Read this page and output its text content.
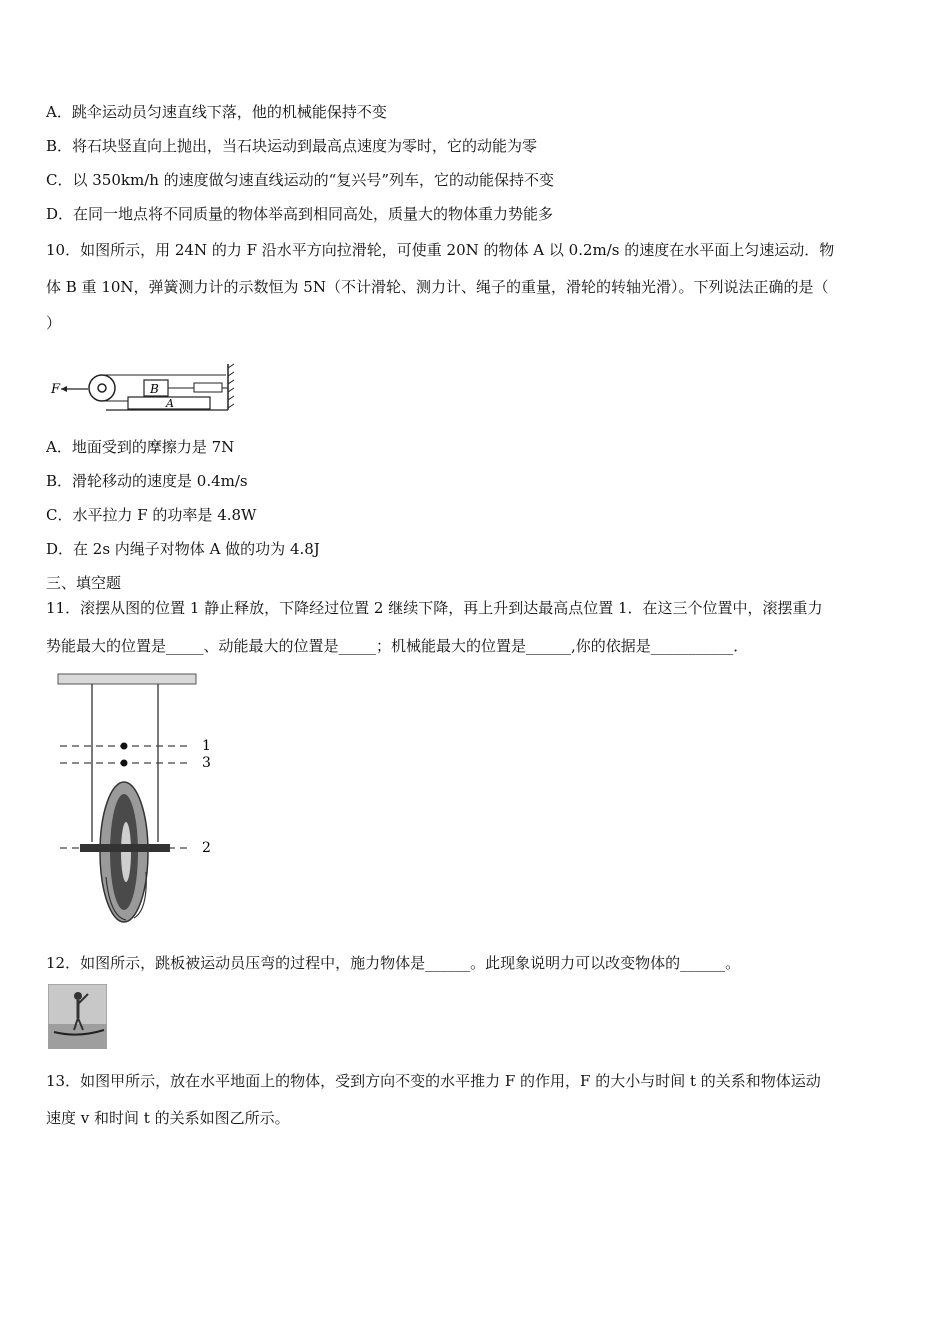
A．跳伞运动员匀速直线下落，他的机械能保持不变
B．将石块竖直向上抛出，当石块运动到最高点速度为零时，它的动能为零
C．以 350km/h 的速度做匀速直线运动的“复兴号”列车，它的动能保持不变
D．在同一地点将不同质量的物体举高到相同高处，质量大的物体重力势能多
10．如图所示，用 24N 的力 F 沿水平方向拉滑轮，可使重 20N 的物体 A 以 0.2m/s 的速度在水平面上匀速运动．物
体 B 重 10N，弹簧测力计的示数恒为 5N（不计滑轮、测力计、绳子的重量，滑轮的转轴光滑）。下列说法正确的是（
）
F	B
A
A．地面受到的摩擦力是 7N
B．滑轮移动的速度是 0.4m/s
C．水平拉力 F 的功率是 4.8W
D．在 2s 内绳子对物体 A 做的功为 4.8J
三、填空题
11．滚摆从图的位置 1 静止释放，下降经过位置 2 继续下降，再上升到达最高点位置 1．在这三个位置中，滚摆重力
势能最大的位置是_____、动能最大的位置是_____；机械能最大的位置是______,你的依据是___________．
1
3
2
12．如图所示，跳板被运动员压弯的过程中，施力物体是______。此现象说明力可以改变物体的______。
13．如图甲所示，放在水平地面上的物体，受到方向不变的水平推力 F 的作用，F 的大小与时间 t 的关系和物体运动
速度 v 和时间 t 的关系如图乙所示。
